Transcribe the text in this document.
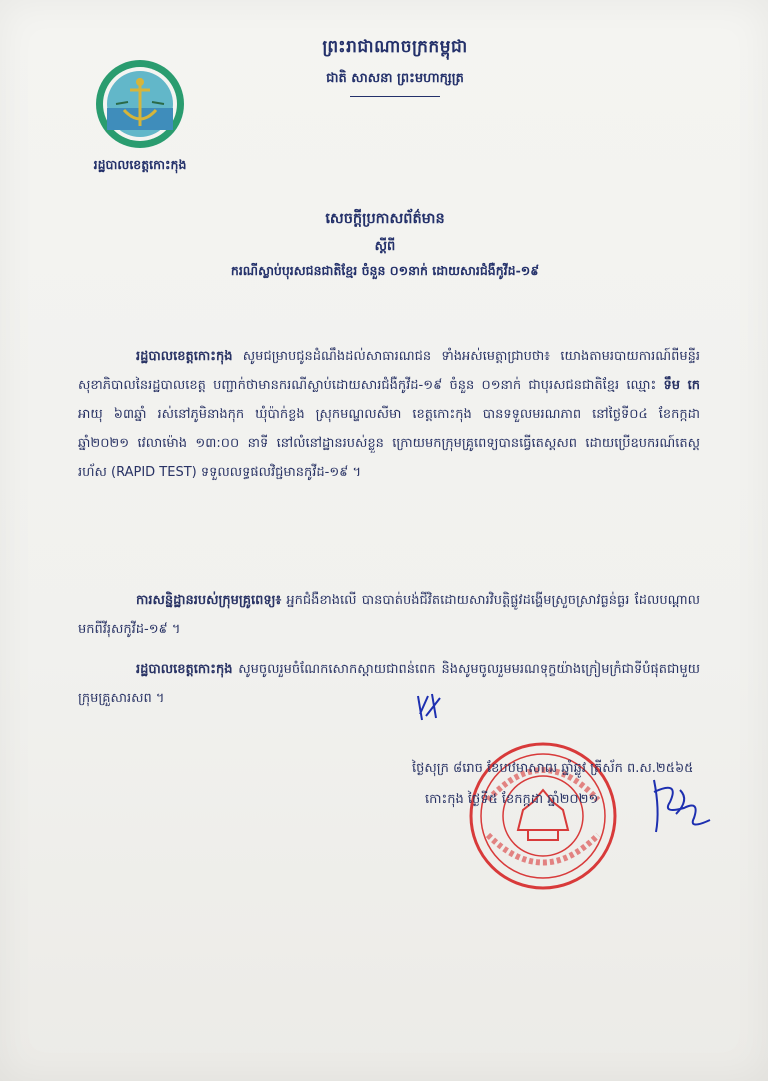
ព្រះរាជាណាចក្រកម្ពុជា
ជាតិ សាសនា ព្រះមហាក្សត្រ
រដ្ឋបាលខេត្តកោះកុង
សេចក្តីប្រកាសព័ត៌មាន
ស្តីពី
ករណីស្លាប់បុរសជនជាតិខ្មែរ ចំនួន ០១នាក់ ដោយសារជំងឺកូវីដ-១៩
រដ្ឋបាលខេត្តកោះកុង សូមជម្រាបជូនដំណឹងដល់សាធារណជន ទាំងអស់មេត្តាជ្រាបថា៖ យោងតាមរបាយការណ៍ពីមន្ទីរសុខាភិបាលនៃរដ្ឋបាលខេត្ត បញ្ជាក់ថាមានករណីស្លាប់ដោយសារជំងឺកូវីដ-១៩ ចំនួន ០១នាក់ ជាបុរសជនជាតិខ្មែរ ឈ្មោះ ទឹម កេ អាយុ ៦៣ឆ្នាំ រស់នៅភូមិនាងកុក ឃុំប៉ាក់ខ្លង ស្រុកមណ្ឌលសីមា ខេត្តកោះកុង បានទទួលមរណភាព នៅថ្ងៃទី០៤ ខែកក្កដា ឆ្នាំ២០២១ វេលាម៉ោង ១៣:០០ នាទី នៅលំនៅដ្ឋានរបស់ខ្លួន ក្រោយមកក្រុមគ្រូពេទ្យបានធ្វើតេស្តសព ដោយប្រើឧបករណ៍តេស្តរហ័ស (RAPID TEST) ទទួលលទ្ធផលវិជ្ជមានកូវីដ-១៩ ។
ការសន្និដ្ឋានរបស់ក្រុមគ្រូពេទ្យ៖ អ្នកជំងឺខាងលើ បានបាត់បង់ជីវិតដោយសារវិបត្តិផ្លូវដង្ហើមស្រួចស្រាវធ្ងន់ធ្ងរ ដែលបណ្តាលមកពីវីរុសកូវីដ-១៩ ។
រដ្ឋបាលខេត្តកោះកុង សូមចូលរួមចំណែកសោកស្តាយជាពន់ពេក និងសូមចូលរួមមរណទុក្ខយ៉ាងក្រៀមក្រំជាទីបំផុតជាមួយក្រុមគ្រួសារសព ។
ថ្ងៃសុក្រ ៨រោច ខែបឋមាសាឍ ឆ្នាំឆ្លូវ ត្រីស័ក ព.ស.២៥៦៥
កោះកុង ថ្ងៃទី៥ ខែកក្កដា ឆ្នាំ២០២១
